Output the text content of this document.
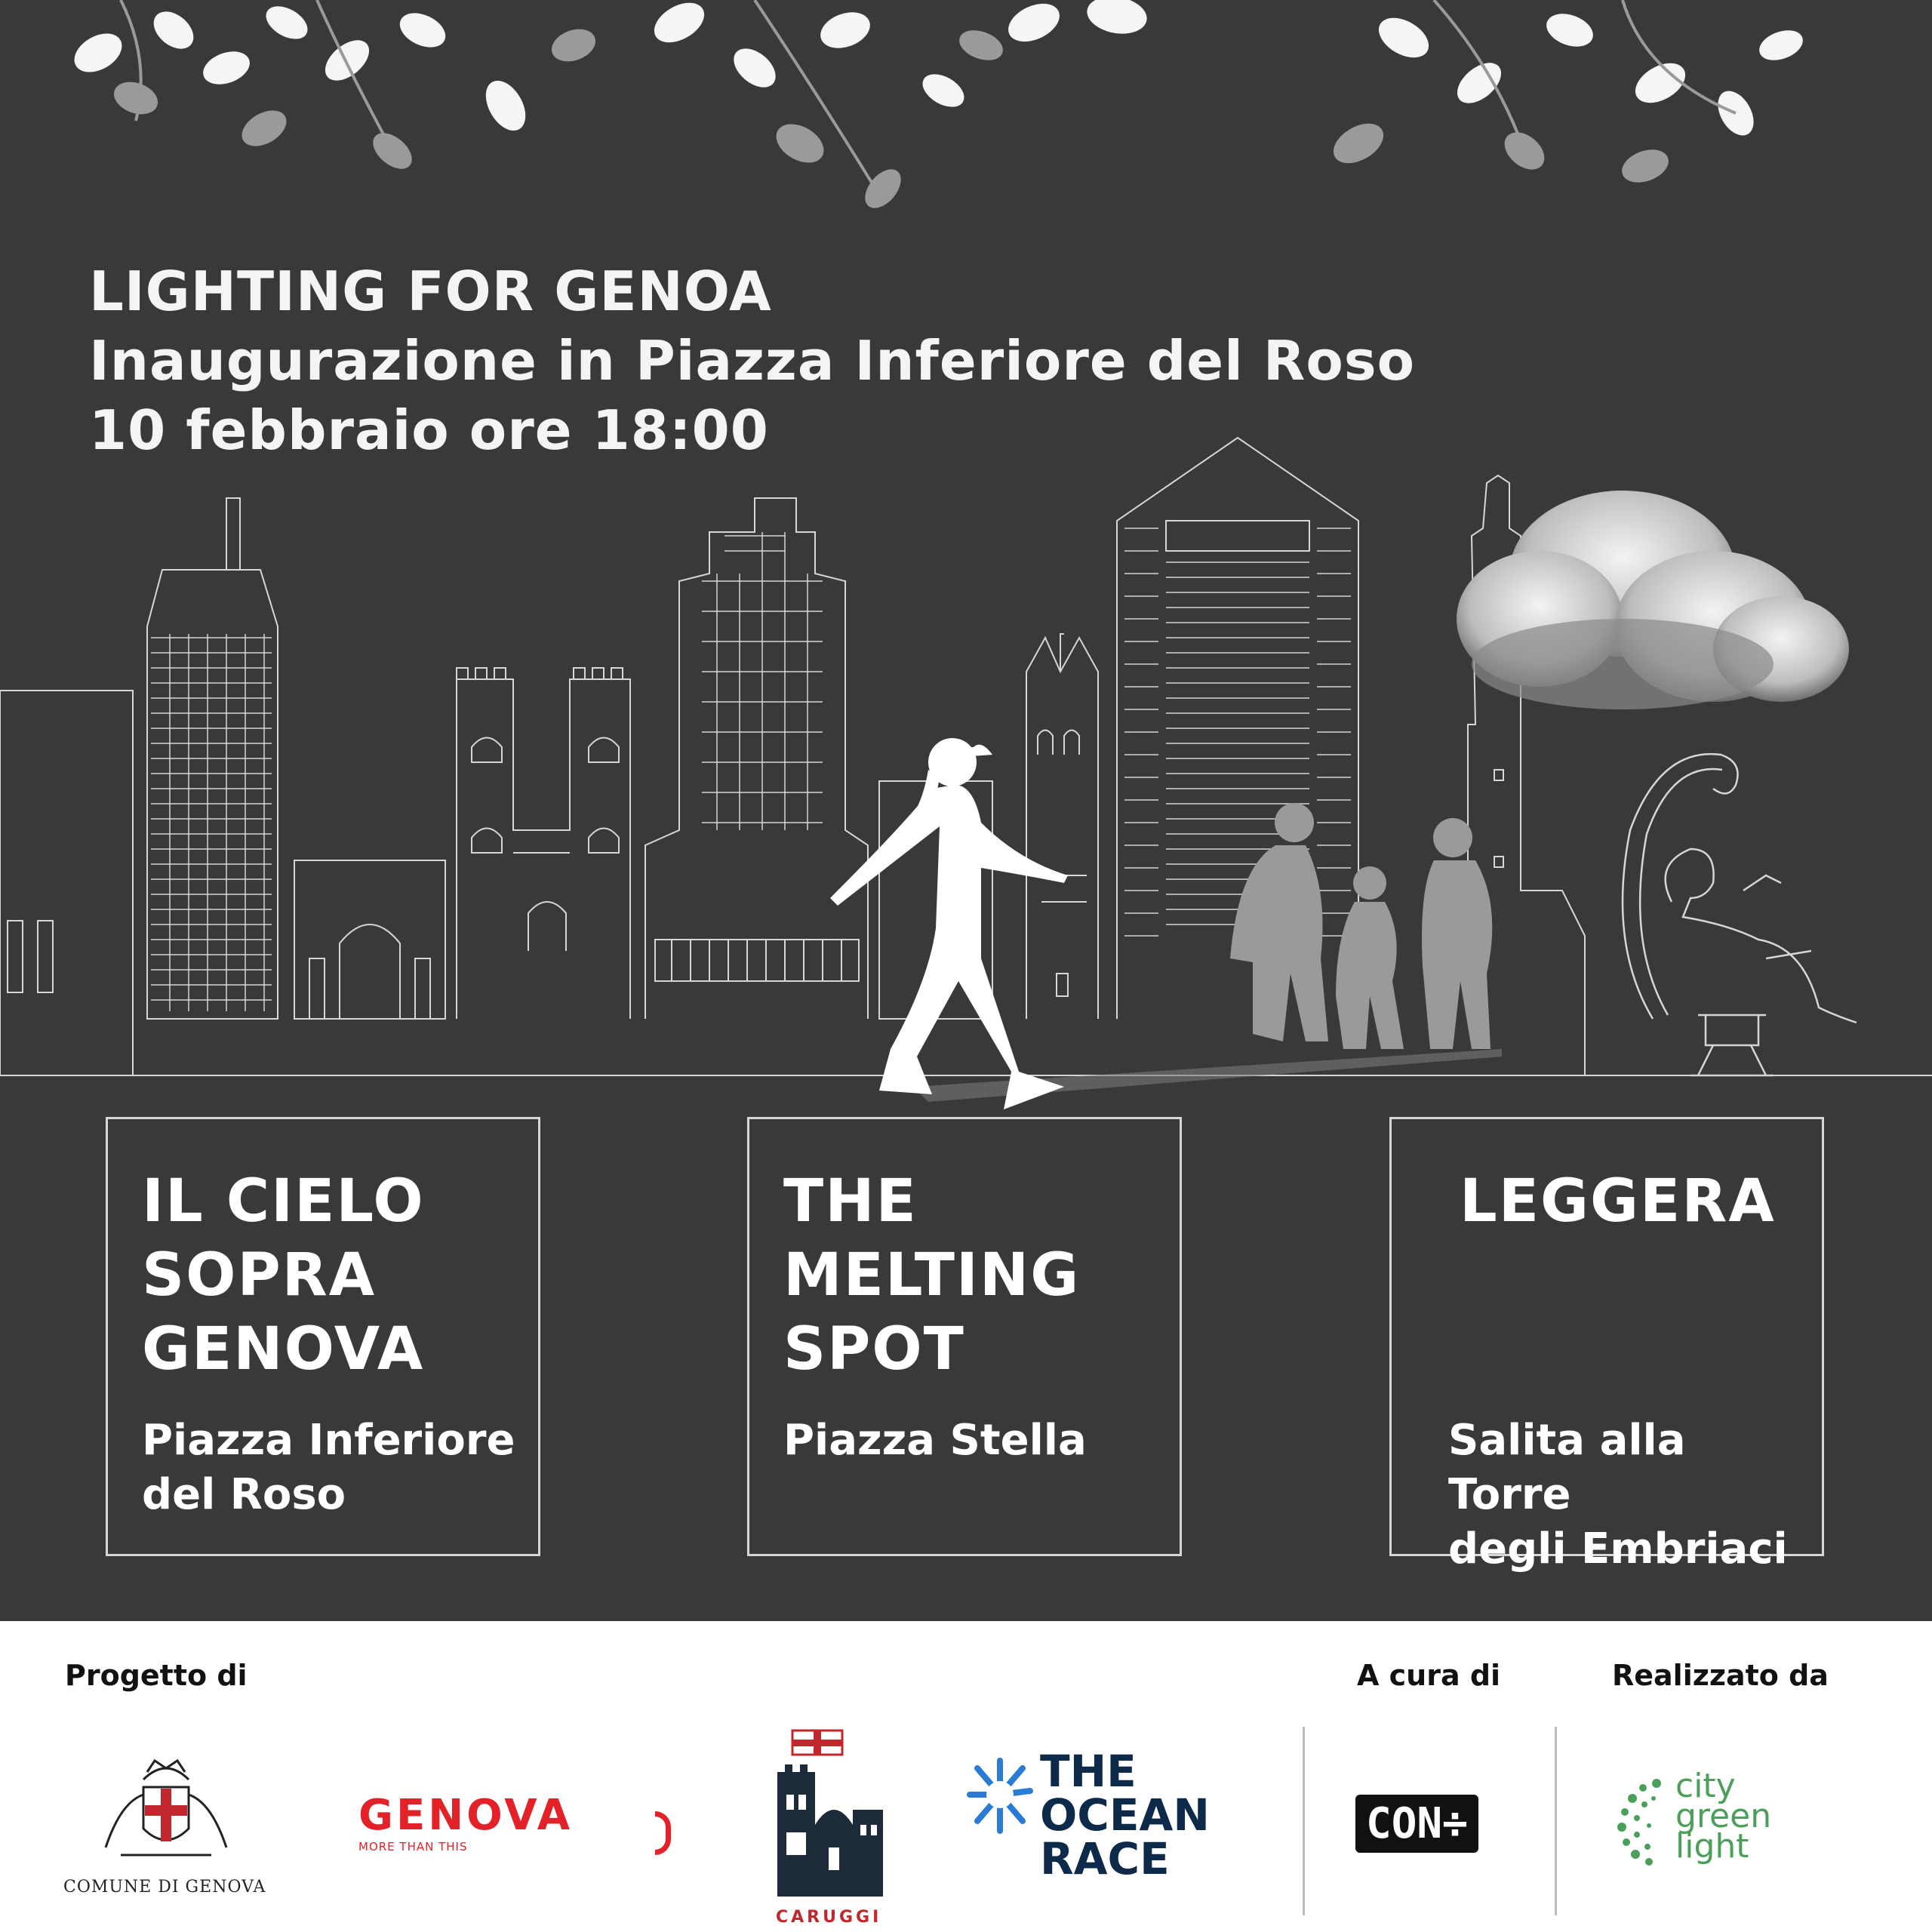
LIGHTING FOR GENOA
Inaugurazione in Piazza Inferiore del Roso
10 febbraio ore 18:00
IL CIELO
SOPRA
GENOVA
Piazza Inferiore
del Roso
THE
MELTING
SPOT
Piazza Stella
LEGGERA
Salita alla Torre
degli Embriaci
Progetto di	A cura di	Realizzato da
COMUNE DI GENOVA
GENOVA
MORE THAN THIS
CARUGGI
THE
OCEAN
RACE
CON÷
city
green
light
